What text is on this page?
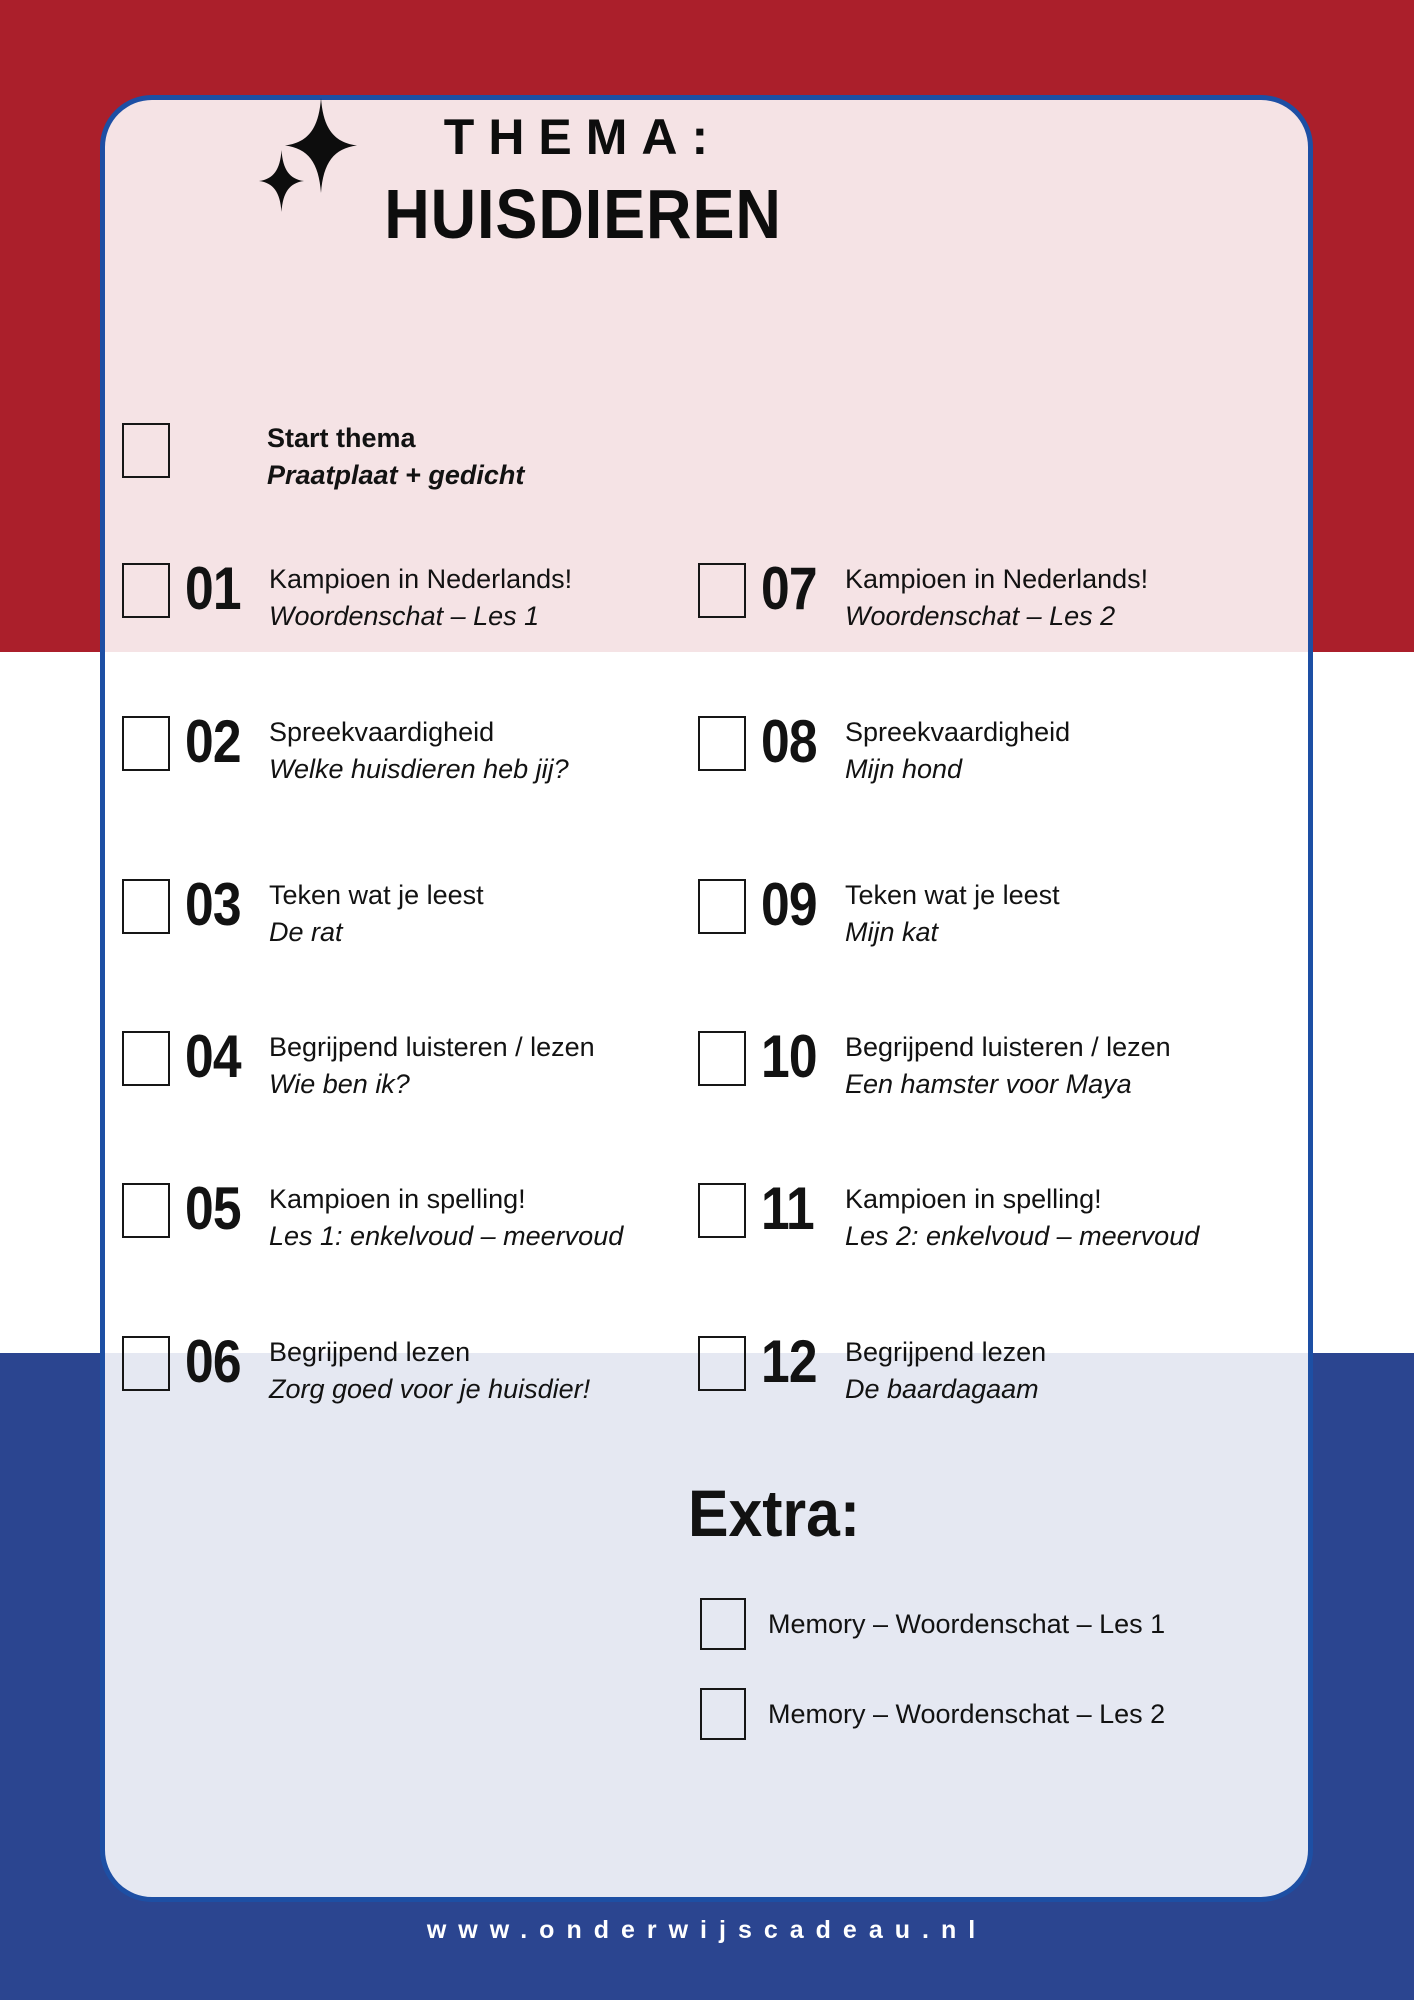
THEMA:
HUISDIEREN
Start thema
Praatplaat + gedicht
01	Kampioen in Nederlands!
Woordenschat – Les 1
02	Spreekvaardigheid
Welke huisdieren heb jij?
03	Teken wat je leest
De rat
04	Begrijpend luisteren / lezen
Wie ben ik?
05	Kampioen in spelling!
Les 1: enkelvoud – meervoud
06	Begrijpend lezen
Zorg goed voor je huisdier!
07	Kampioen in Nederlands!
Woordenschat – Les 2
08	Spreekvaardigheid
Mijn hond
09	Teken wat je leest
Mijn kat
10	Begrijpend luisteren / lezen
Een hamster voor Maya
11	Kampioen in spelling!
Les 2: enkelvoud – meervoud
12	Begrijpend lezen
De baardagaam
Extra:
Memory – Woordenschat – Les 1
Memory – Woordenschat – Les 2
www.onderwijscadeau.nl
